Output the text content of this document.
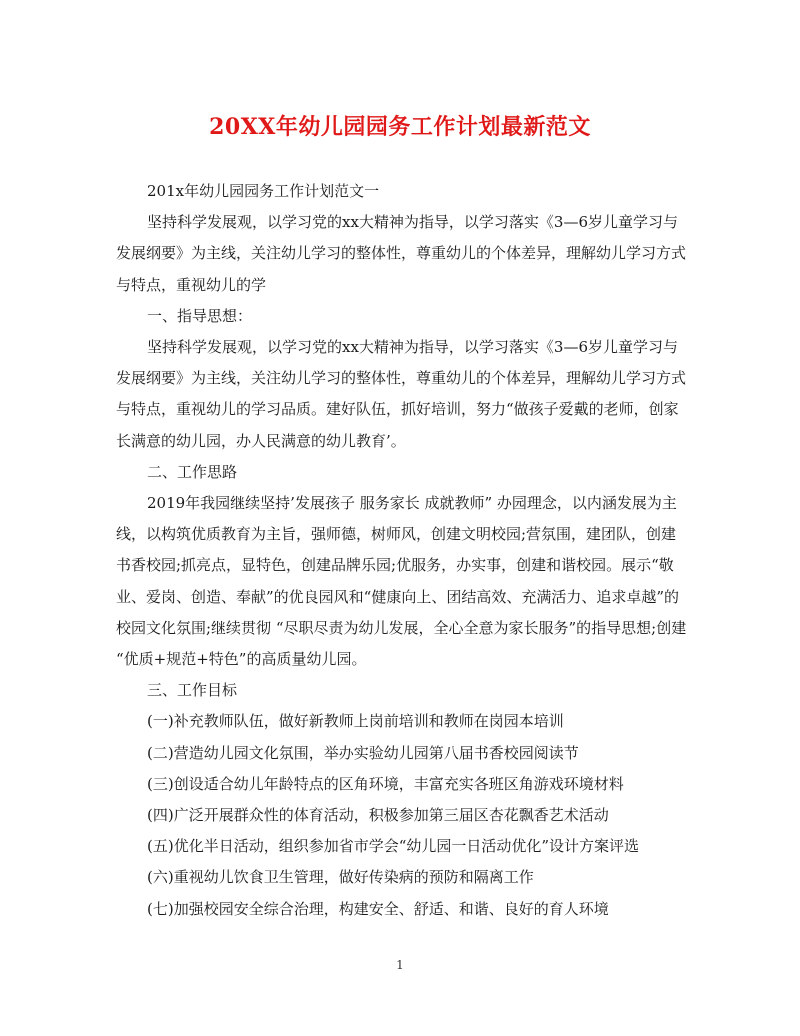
20XX年幼儿园园务工作计划最新范文

201x年幼儿园园务工作计划范文一

坚持科学发展观，以学习党的xx大精神为指导，以学习落实《3—6岁儿童学习与发展纲要》为主线，关注幼儿学习的整体性，尊重幼儿的个体差异，理解幼儿学习方式与特点，重视幼儿的学

一、指导思想：

坚持科学发展观，以学习党的xx大精神为指导，以学习落实《3—6岁儿童学习与发展纲要》为主线，关注幼儿学习的整体性，尊重幼儿的个体差异，理解幼儿学习方式与特点，重视幼儿的学习品质。建好队伍，抓好培训，努力“做孩子爱戴的老师，创家长满意的幼儿园，办人民满意的幼儿教育’。

二、工作思路

2019年我园继续坚持’发展孩子 服务家长 成就教师” 办园理念，以内涵发展为主线，以构筑优质教育为主旨，强师德，树师风，创建文明校园;营氛围，建团队，创建书香校园;抓亮点，显特色，创建品牌乐园;优服务，办实事，创建和谐校园。展示“敬业、爱岗、创造、奉献”的优良园风和“健康向上、团结高效、充满活力、追求卓越”的校园文化氛围;继续贯彻 “尽职尽责为幼儿发展，全心全意为家长服务”的指导思想;创建 “优质+规范+特色”的高质量幼儿园。

三、工作目标

(一)补充教师队伍，做好新教师上岗前培训和教师在岗园本培训

(二)营造幼儿园文化氛围，举办实验幼儿园第八届书香校园阅读节

(三)创设适合幼儿年龄特点的区角环境，丰富充实各班区角游戏环境材料

(四)广泛开展群众性的体育活动，积极参加第三届区杏花飘香艺术活动

(五)优化半日活动，组织参加省市学会“幼儿园一日活动优化”设计方案评选

(六)重视幼儿饮食卫生管理，做好传染病的预防和隔离工作

(七)加强校园安全综合治理，构建安全、舒适、和谐、良好的育人环境

1
